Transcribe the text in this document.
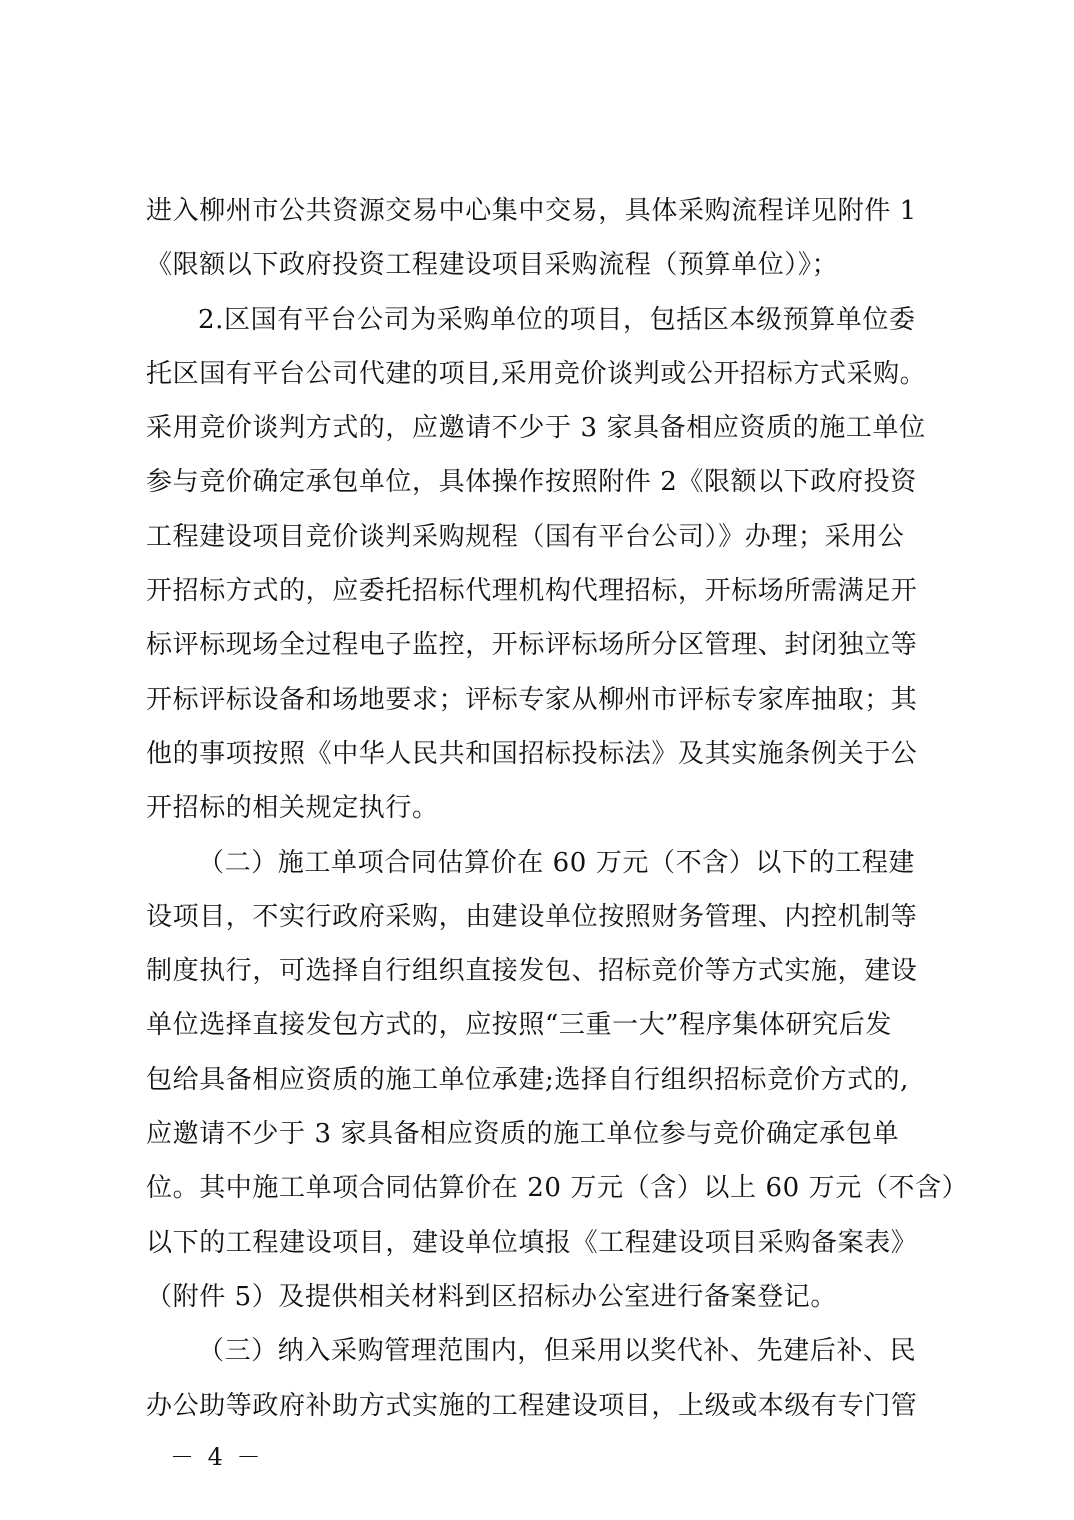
进入柳州市公共资源交易中心集中交易，具体采购流程详见附件 1
《限额以下政府投资工程建设项目采购流程（预算单位）》；
2.区国有平台公司为采购单位的项目，包括区本级预算单位委
托区国有平台公司代建的项目,采用竞价谈判或公开招标方式采购。
采用竞价谈判方式的，应邀请不少于 3 家具备相应资质的施工单位
参与竞价确定承包单位，具体操作按照附件 2《限额以下政府投资
工程建设项目竞价谈判采购规程（国有平台公司）》办理；采用公
开招标方式的，应委托招标代理机构代理招标，开标场所需满足开
标评标现场全过程电子监控，开标评标场所分区管理、封闭独立等
开标评标设备和场地要求；评标专家从柳州市评标专家库抽取；其
他的事项按照《中华人民共和国招标投标法》及其实施条例关于公
开招标的相关规定执行。
（二）施工单项合同估算价在 60 万元（不含）以下的工程建
设项目，不实行政府采购，由建设单位按照财务管理、内控机制等
制度执行，可选择自行组织直接发包、招标竞价等方式实施，建设
单位选择直接发包方式的，应按照“三重一大”程序集体研究后发
包给具备相应资质的施工单位承建;选择自行组织招标竞价方式的,
应邀请不少于 3 家具备相应资质的施工单位参与竞价确定承包单
位。其中施工单项合同估算价在 20 万元（含）以上 60 万元（不含）
以下的工程建设项目，建设单位填报《工程建设项目采购备案表》
（附件 5）及提供相关材料到区招标办公室进行备案登记。
（三）纳入采购管理范围内，但采用以奖代补、先建后补、民
办公助等政府补助方式实施的工程建设项目，上级或本级有专门管
－ 4 －
